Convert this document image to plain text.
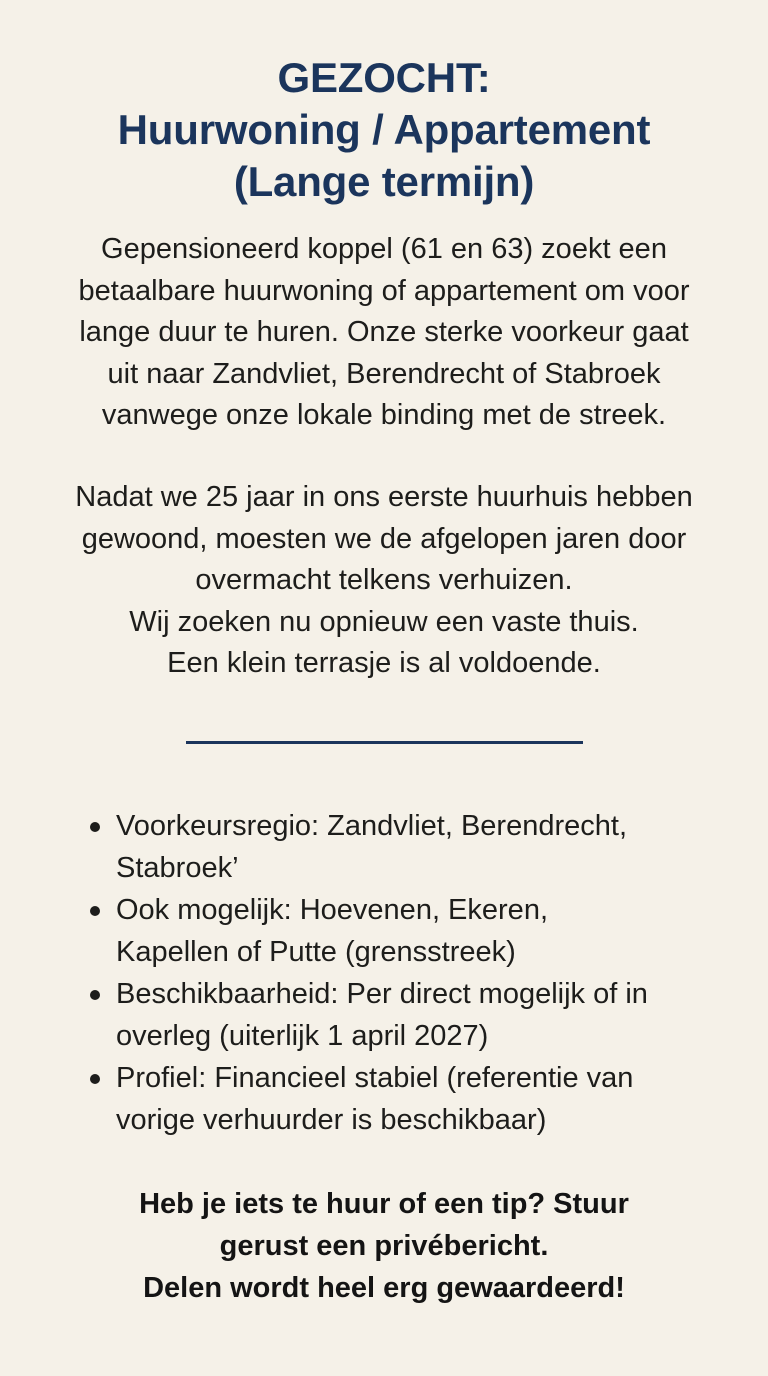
GEZOCHT:
Huurwoning / Appartement
(Lange termijn)
Gepensioneerd koppel (61 en 63) zoekt een
betaalbare huurwoning of appartement om voor
lange duur te huren. Onze sterke voorkeur gaat
uit naar Zandvliet, Berendrecht of Stabroek
vanwege onze lokale binding met de streek.
Nadat we 25 jaar in ons eerste huurhuis hebben
gewoond, moesten we de afgelopen jaren door
overmacht telkens verhuizen.
Wij zoeken nu opnieuw een vaste thuis.
Een klein terrasje is al voldoende.
Voorkeursregio: Zandvliet, Berendrecht,
Stabroek’
Ook mogelijk: Hoevenen, Ekeren,
Kapellen of Putte (grensstreek)
Beschikbaarheid: Per direct mogelijk of in
overleg (uiterlijk 1 april 2027)
Profiel: Financieel stabiel (referentie van
vorige verhuurder is beschikbaar)
Heb je iets te huur of een tip? Stuur
gerust een privébericht.
Delen wordt heel erg gewaardeerd!
